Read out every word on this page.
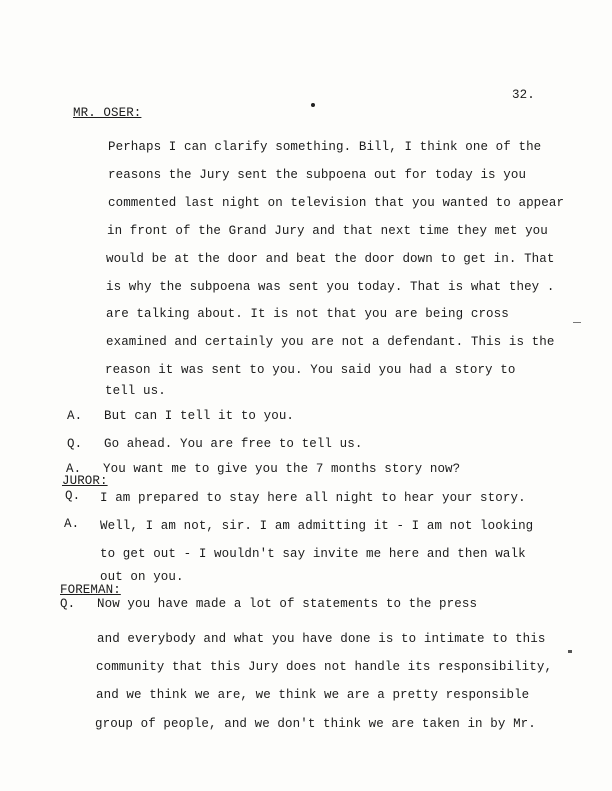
32.
MR. OSER:
Perhaps I can clarify something. Bill, I think one of the
reasons the Jury sent the subpoena out for today is you
commented last night on television that you wanted to appear
in front of the Grand Jury and that next time they met you
would be at the door and beat the door down to get in. That
is why the subpoena was sent you today. That is what they .
are talking about. It is not that you are being cross
examined and certainly you are not a defendant. This is the
reason it was sent to you. You said you had a story to
tell us.
A. But can I tell it to you.
Q. Go ahead. You are free to tell us.
A. You want me to give you the 7 months story now?
JUROR:
Q. I am prepared to stay here all night to hear your story.
A. Well, I am not, sir. I am admitting it - I am not looking
to get out - I wouldn't say invite me here and then walk
out on you.
FOREMAN:
Q. Now you have made a lot of statements to the press
and everybody and what you have done is to intimate to this
community that this Jury does not handle its responsibility,
and we think we are, we think we are a pretty responsible
group of people, and we don't think we are taken in by Mr.
